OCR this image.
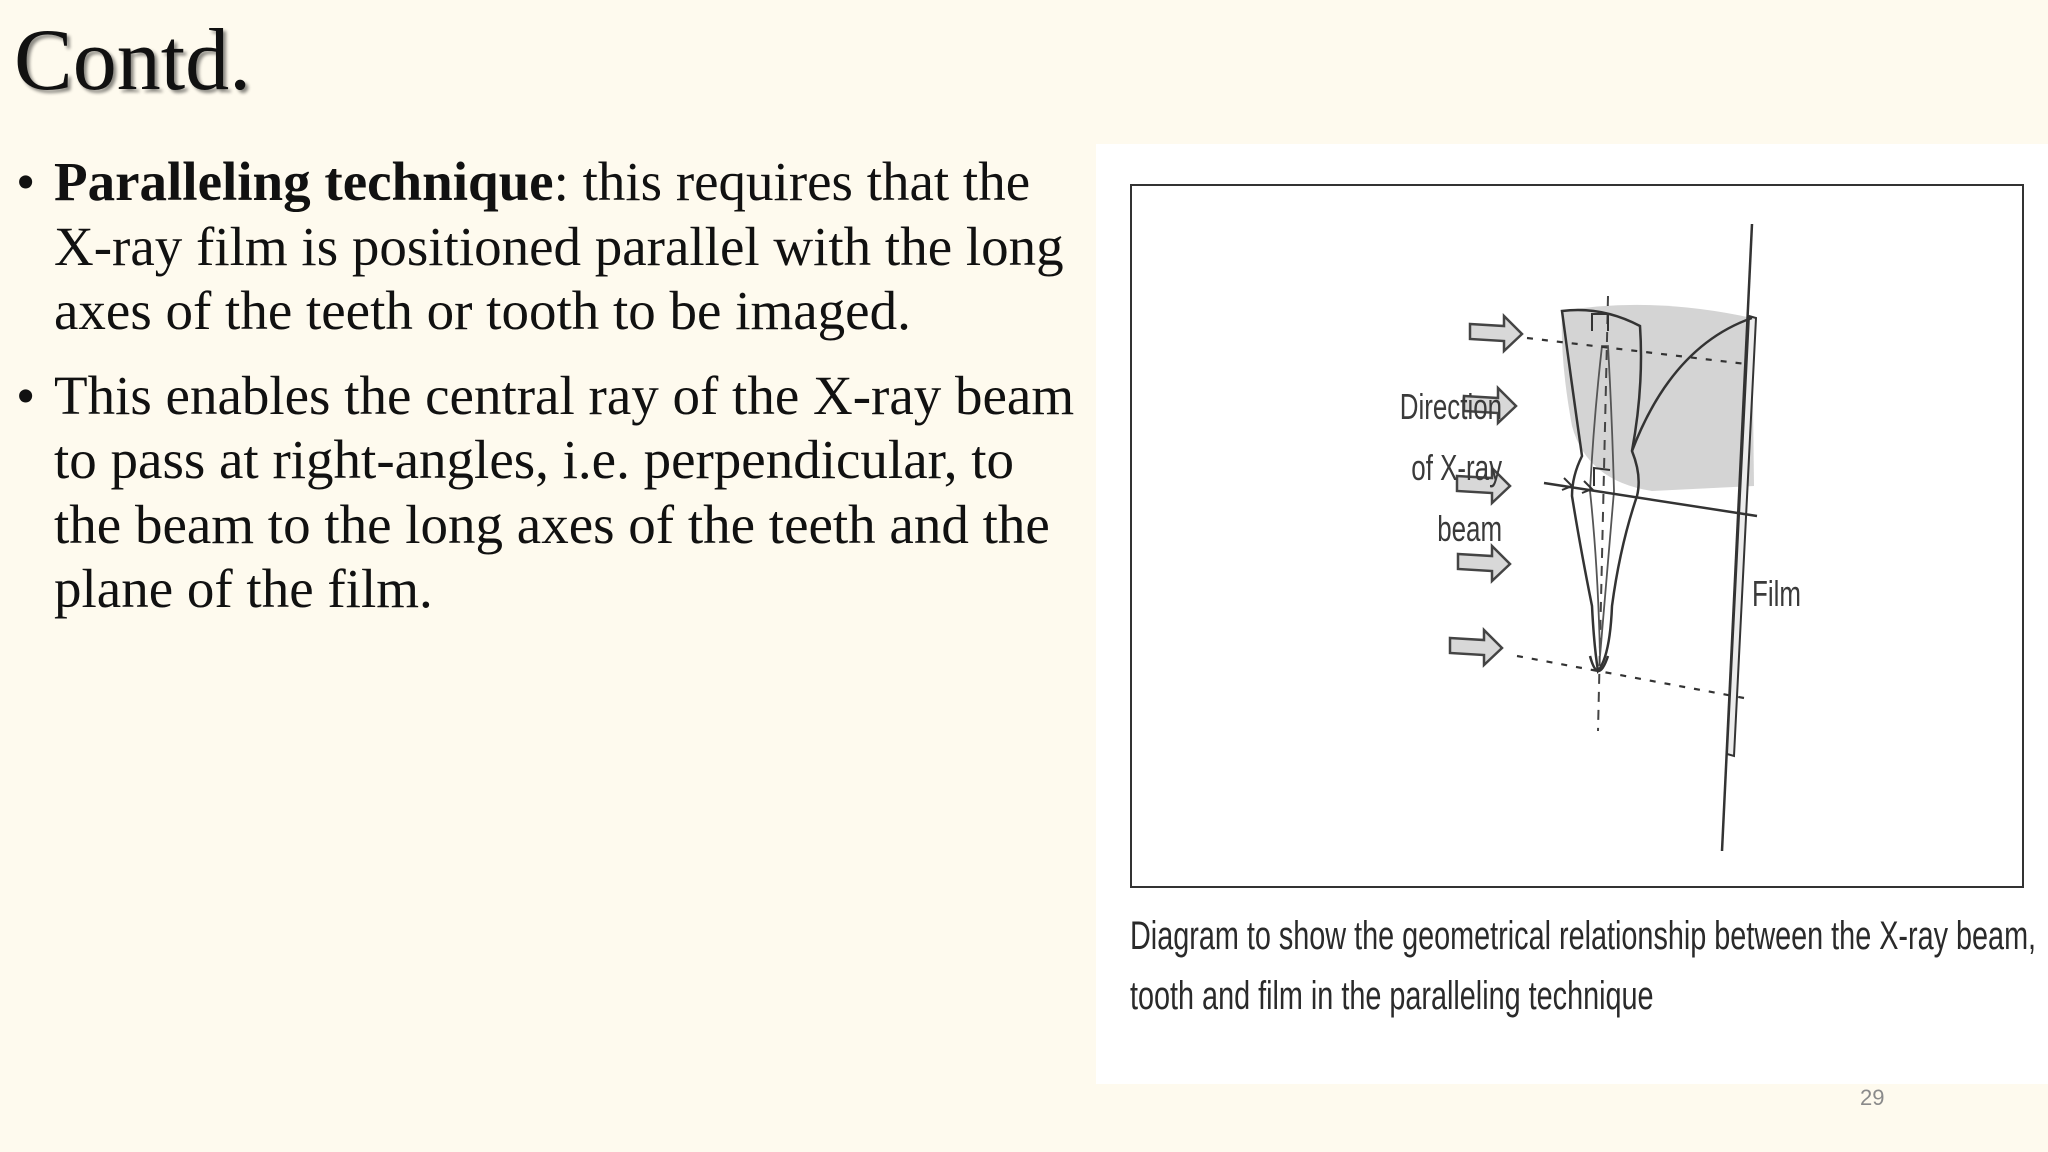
Contd.
• Paralleling technique: this requires that the X-ray film is positioned parallel with the long axes of the teeth or tooth to be imaged.
• This enables the central ray of the X-ray beam to pass at right-angles, i.e. perpendicular, to the beam to the long axes of the teeth and the plane of the film.
Direction
of X-ray
beam
Film
Diagram to show the geometrical relationship between the X-ray beam,
tooth and film in the paralleling technique
29
